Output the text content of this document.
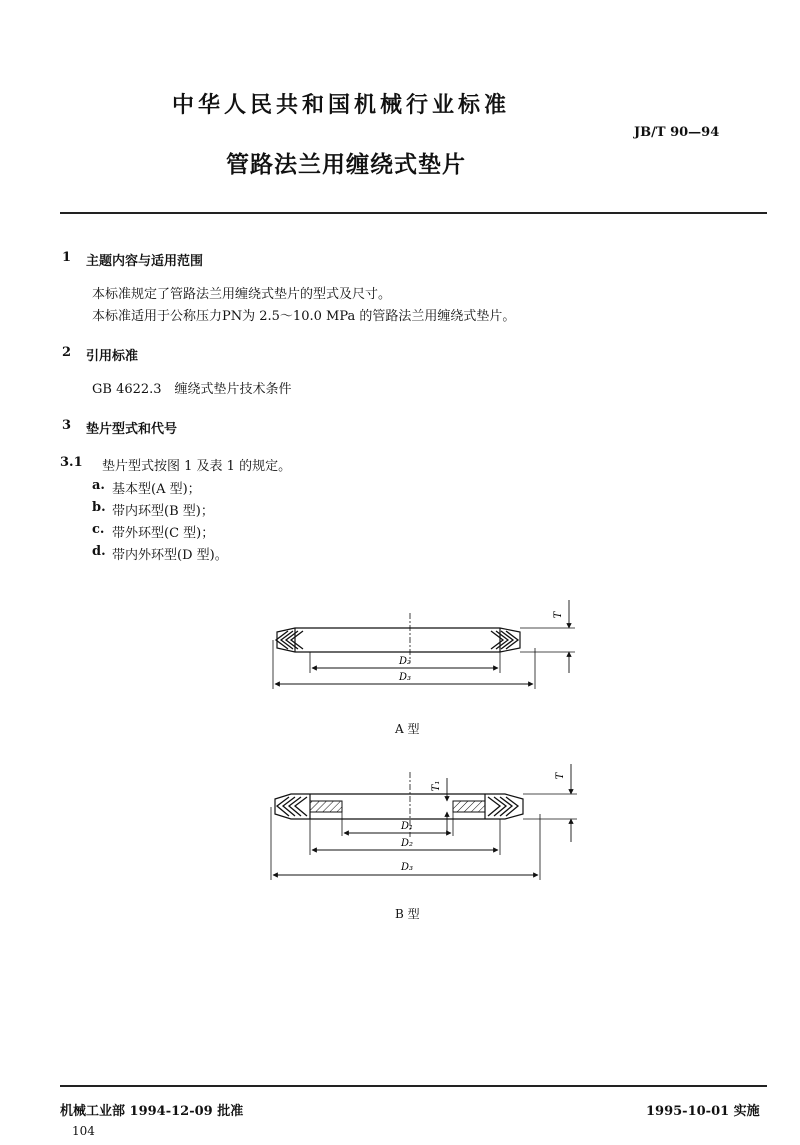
中华人民共和国机械行业标准
JB/T 90—94
管路法兰用缠绕式垫片
1 主题内容与适用范围
本标准规定了管路法兰用缠绕式垫片的型式及尺寸。
本标准适用于公称压力PN为 2.5～10.0 MPa 的管路法兰用缠绕式垫片。
2 引用标准
GB 4622.3　缠绕式垫片技术条件
3 垫片型式和代号
3.1 垫片型式按图 1 及表 1 的规定。
a. 基本型(A 型)；
b. 带内环型(B 型)；
c. 带外环型(C 型)；
d. 带内外环型(D 型)。
T
D₂
D₃
A 型
T₁
T
D₁
D₂
D₃
B 型
机械工业部 1994-12-09 批准	1995-10-01 实施
104
